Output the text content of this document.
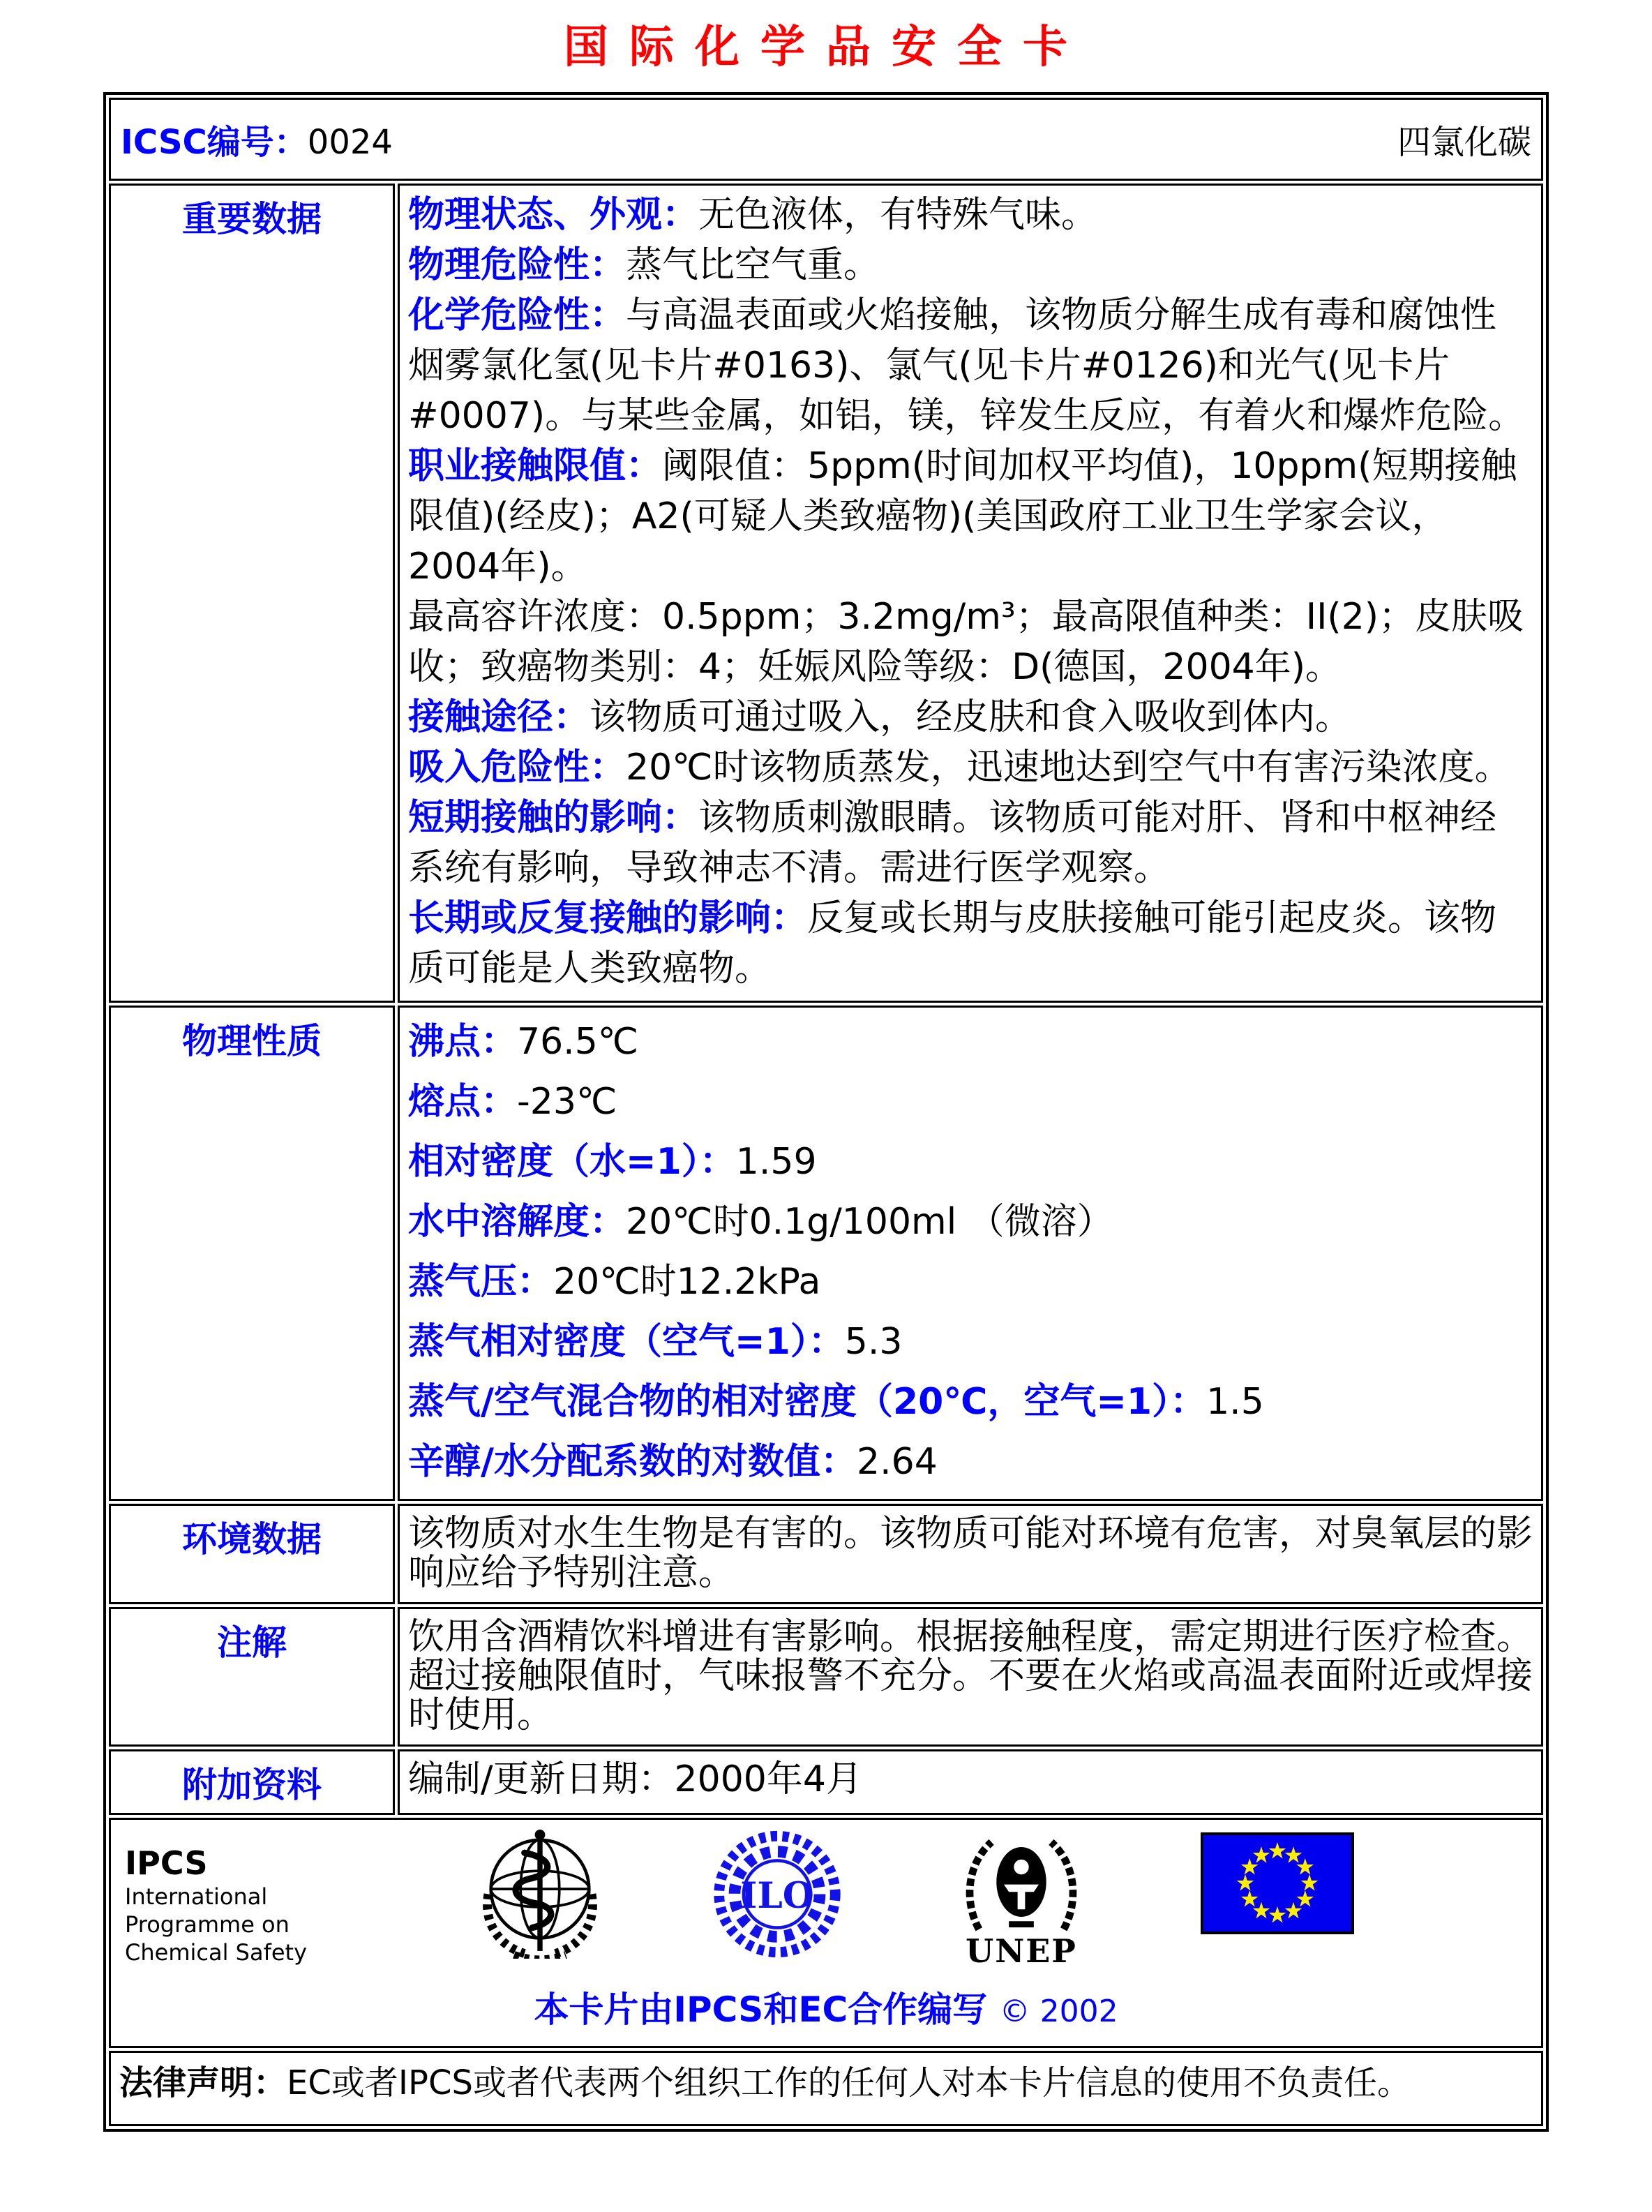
国际化学品安全卡
ICSC编号：0024 四氯化碳	

重要数据	物理状态、外观：无色液体，有特殊气味。

物理危险性：蒸气比空气重。

化学危险性：与高温表面或火焰接触，该物质分解生成有毒和腐蚀性烟雾氯化氢(见卡片#0163)、氯气(见卡片#0126)和光气(见卡片#0007)。与某些金属，如铝，镁，锌发生反应，有着火和爆炸危险。

职业接触限值：阈限值：5ppm(时间加权平均值)，10ppm(短期接触限值)(经皮)；A2(可疑人类致癌物)(美国政府工业卫生学家会议，2004年)。

最高容许浓度：0.5ppm；3.2mg/m³；最高限值种类：II(2)；皮肤吸收；致癌物类别：4；妊娠风险等级：D(德国，2004年)。

接触途径：该物质可通过吸入，经皮肤和食入吸收到体内。

吸入危险性：20℃时该物质蒸发，迅速地达到空气中有害污染浓度。

短期接触的影响：该物质刺激眼睛。该物质可能对肝、肾和中枢神经系统有影响，导致神志不清。需进行医学观察。

长期或反复接触的影响：反复或长期与皮肤接触可能引起皮炎。该物质可能是人类致癌物。

物理性质	沸点：76.5℃

熔点：-23℃

相对密度（水=1）：1.59

水中溶解度：20℃时0.1g/100ml （微溶）

蒸气压：20℃时12.2kPa

蒸气相对密度（空气=1）：5.3

蒸气/空气混合物的相对密度（20℃，空气=1）：1.5

辛醇/水分配系数的对数值：2.64

环境数据	该物质对水生生物是有害的。该物质可能对环境有危害，对臭氧层的影响应给予特别注意。

注解	饮用含酒精饮料增进有害影响。根据接触程度，需定期进行医疗检查。

超过接触限值时，气味报警不充分。不要在火焰或高温表面附近或焊接时使用。

附加资料	编制/更新日期：2000年4月

IPCS
International
Programme on
Chemical Safety
ILO
UNEP
本卡片由IPCS和EC合作编写 © 2002

法律声明：EC或者IPCS或者代表两个组织工作的任何人对本卡片信息的使用不负责任。	
